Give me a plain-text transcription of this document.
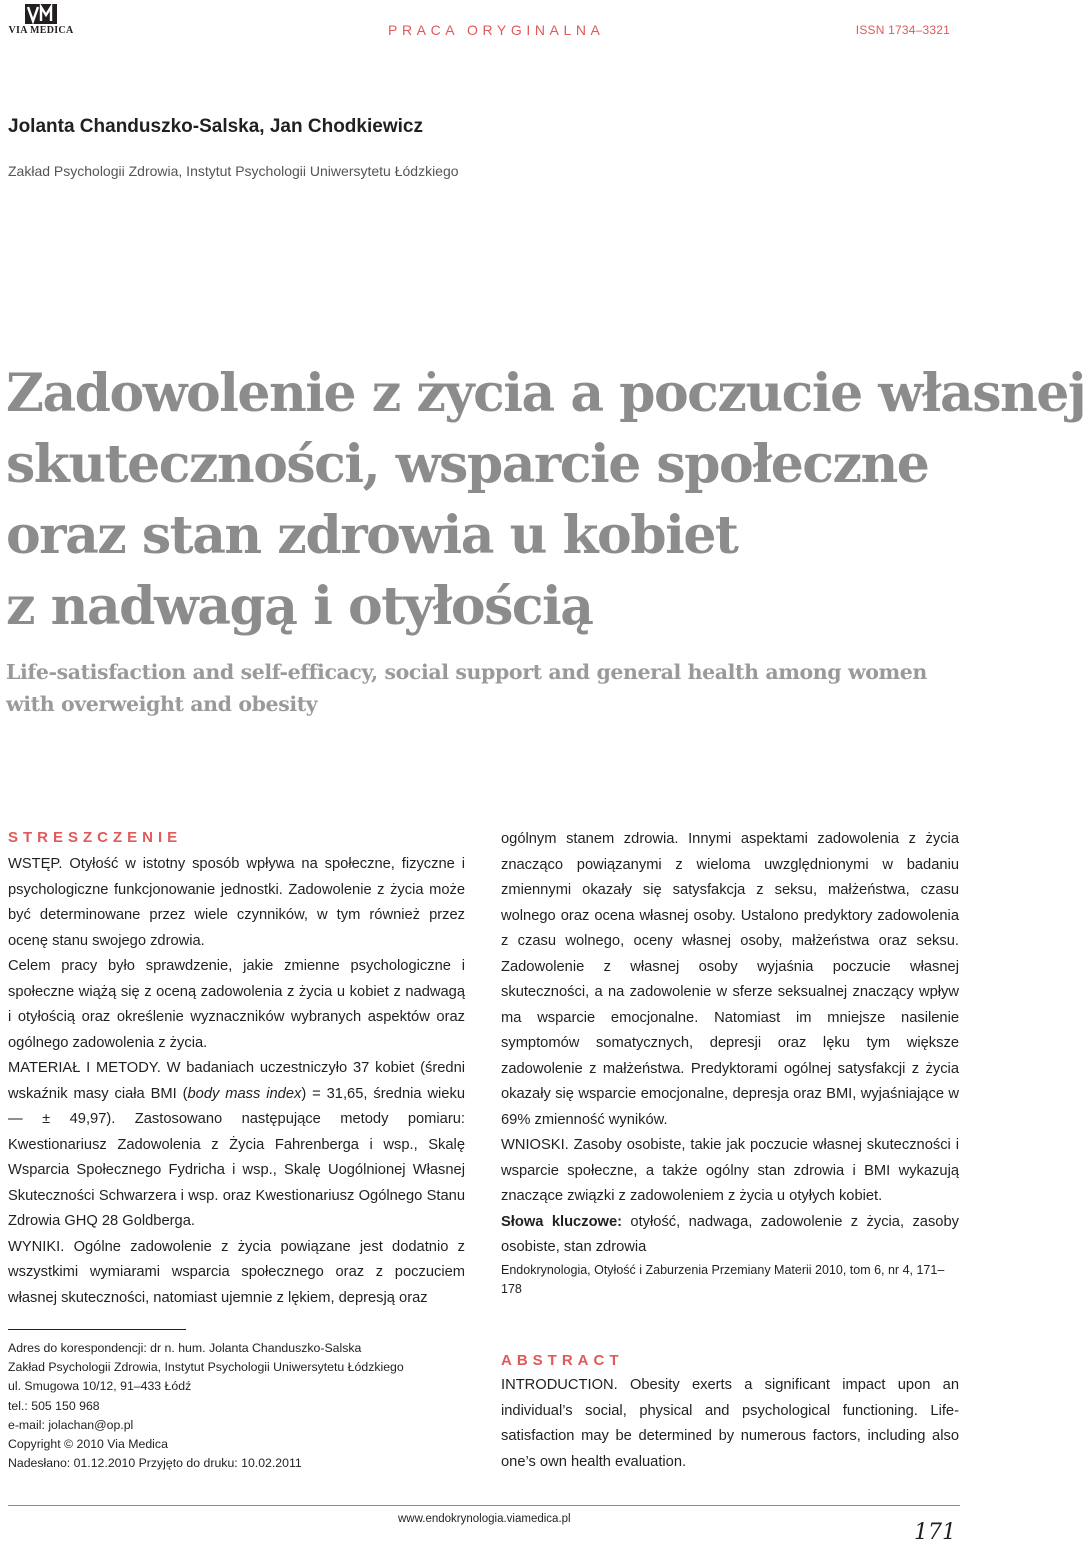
VIA MEDICA	PRACA ORYGINALNA	ISSN 1734–3321
Jolanta Chanduszko-Salska, Jan Chodkiewicz
Zakład Psychologii Zdrowia, Instytut Psychologii Uniwersytetu Łódzkiego
Zadowolenie z życia a poczucie własnej
skuteczności, wsparcie społeczne
oraz stan zdrowia u kobiet
z nadwagą i otyłością
Life-satisfaction and self-efficacy, social support and general health among women
with overweight and obesity
STRESZCZENIE

WSTĘP. Otyłość w istotny sposób wpływa na społeczne, fizyczne i psychologiczne funkcjonowanie jednostki. Zadowolenie z życia może być determinowane przez wiele czynników, w tym również przez ocenę stanu swojego zdrowia.

Celem pracy było sprawdzenie, jakie zmienne psychologiczne i społeczne wiążą się z oceną zadowolenia z życia u kobiet z nadwagą i otyłością oraz określenie wyznaczników wybranych aspektów oraz ogólnego zadowolenia z życia.

MATERIAŁ I METODY. W badaniach uczestniczyło 37 kobiet (średni wskaźnik masy ciała BMI (body mass index) = 31,65, średnia wieku — ± 49,97). Zastosowano następujące metody pomiaru: Kwestionariusz Zadowolenia z Życia Fahrenberga i wsp., Skalę Wsparcia Społecznego Fydricha i wsp., Skalę Uogólnionej Własnej Skuteczności Schwarzera i wsp. oraz Kwestionariusz Ogólnego Stanu Zdrowia GHQ 28 Goldberga.

WYNIKI. Ogólne zadowolenie z życia powiązane jest dodatnio z wszystkimi wymiarami wsparcia społecznego oraz z poczuciem własnej skuteczności, natomiast ujemnie z lękiem, depresją oraz

ogólnym stanem zdrowia. Innymi aspektami zadowolenia z życia znacząco powiązanymi z wieloma uwzględnionymi w badaniu zmiennymi okazały się satysfakcja z seksu, małżeństwa, czasu wolnego oraz ocena własnej osoby. Ustalono predyktory zadowolenia z czasu wolnego, oceny własnej osoby, małżeństwa oraz seksu. Zadowolenie z własnej osoby wyjaśnia poczucie własnej skuteczności, a na zadowolenie w sferze seksualnej znaczący wpływ ma wsparcie emocjonalne. Natomiast im mniejsze nasilenie symptomów somatycznych, depresji oraz lęku tym większe zadowolenie z małżeństwa. Predyktorami ogólnej satysfakcji z życia okazały się wsparcie emocjonalne, depresja oraz BMI, wyjaśniające w 69% zmienność wyników.

WNIOSKI. Zasoby osobiste, takie jak poczucie własnej skuteczności i wsparcie społeczne, a także ogólny stan zdrowia i BMI wykazują znaczące związki z zadowoleniem z życia u otyłych kobiet.

Słowa kluczowe: otyłość, nadwaga, zadowolenie z życia, zasoby osobiste, stan zdrowia

Endokrynologia, Otyłość i Zaburzenia Przemiany Materii 2010, tom 6, nr 4, 171–178

Adres do korespondencji: dr n. hum. Jolanta Chanduszko-Salska
Zakład Psychologii Zdrowia, Instytut Psychologii Uniwersytetu Łódzkiego
ul. Smugowa 10/12, 91–433 Łódź
tel.: 505 150 968
e-mail: jolachan@op.pl
Copyright © 2010 Via Medica
Nadesłano: 01.12.2010 Przyjęto do druku: 10.02.2011
ABSTRACT

INTRODUCTION. Obesity exerts a significant impact upon an individual’s social, physical and psychological functioning. Life-satisfaction may be determined by numerous factors, including also one’s own health evaluation.

www.endokrynologia.viamedica.pl
171
